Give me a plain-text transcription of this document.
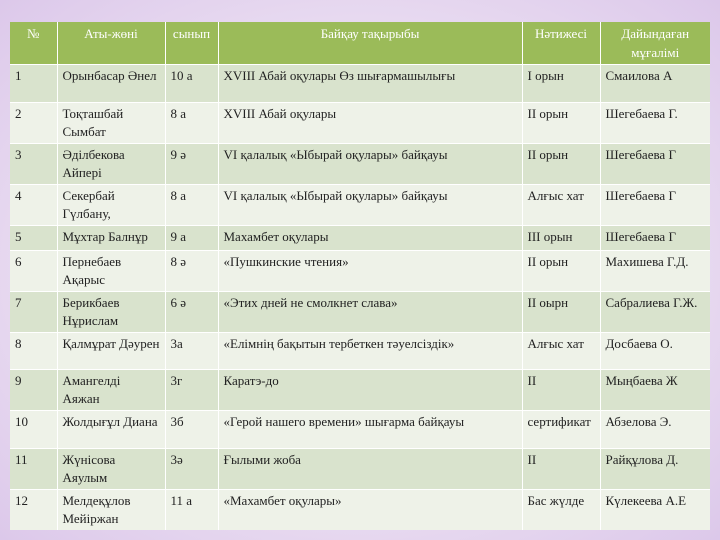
№	Аты-жөні	сынып	Байқау тақырыбы	Нәтижесі	Дайындаған мұғалімі
1	Орынбасар Әнел	10 а	XVIII Абай оқулары Өз шығармашылығы	I орын	Смаилова А
2	Тоқташбай Сымбат	8 а	XVIII Абай оқулары	II орын	Шегебаева Г.
3	Әділбекова Айпері	9 ә	VI қалалық «Ыбырай оқулары» байқауы	II орын	Шегебаева Г
4	Секербай Гүлбану,	8 а	VI қалалық «Ыбырай оқулары» байқауы	Алғыс хат	Шегебаева Г
5	Мұхтар Балнұр	9 а	Махамбет оқулары	III орын	Шегебаева Г
6	Пернебаев Ақарыс	8 ә	«Пушкинские чтения»	II орын	Махишева Г.Д.
7	Берикбаев Нұрислам	6 ә	«Этих дней не смолкнет слава»	II оырн	Сабралиева Г.Ж.
8	Қалмұрат Дәурен	3а	«Елімнің бақытын тербеткен тәуелсіздік»	Алғыс хат	Досбаева О.
9	Амангелді Аяжан	3г	Каратэ-до	II	Мыңбаева Ж
10	Жолдығұл Диана	3б	«Герой нашего времени» шығарма байқауы	сертификат	Абзелова Э.
11	Жүнісова Аяулым	3ә	Ғылыми жоба	II	Райқұлова Д.
12	Мелдеқұлов Мейіржан	11 а	«Махамбет оқулары»	Бас жүлде	Күлекеева А.Е
